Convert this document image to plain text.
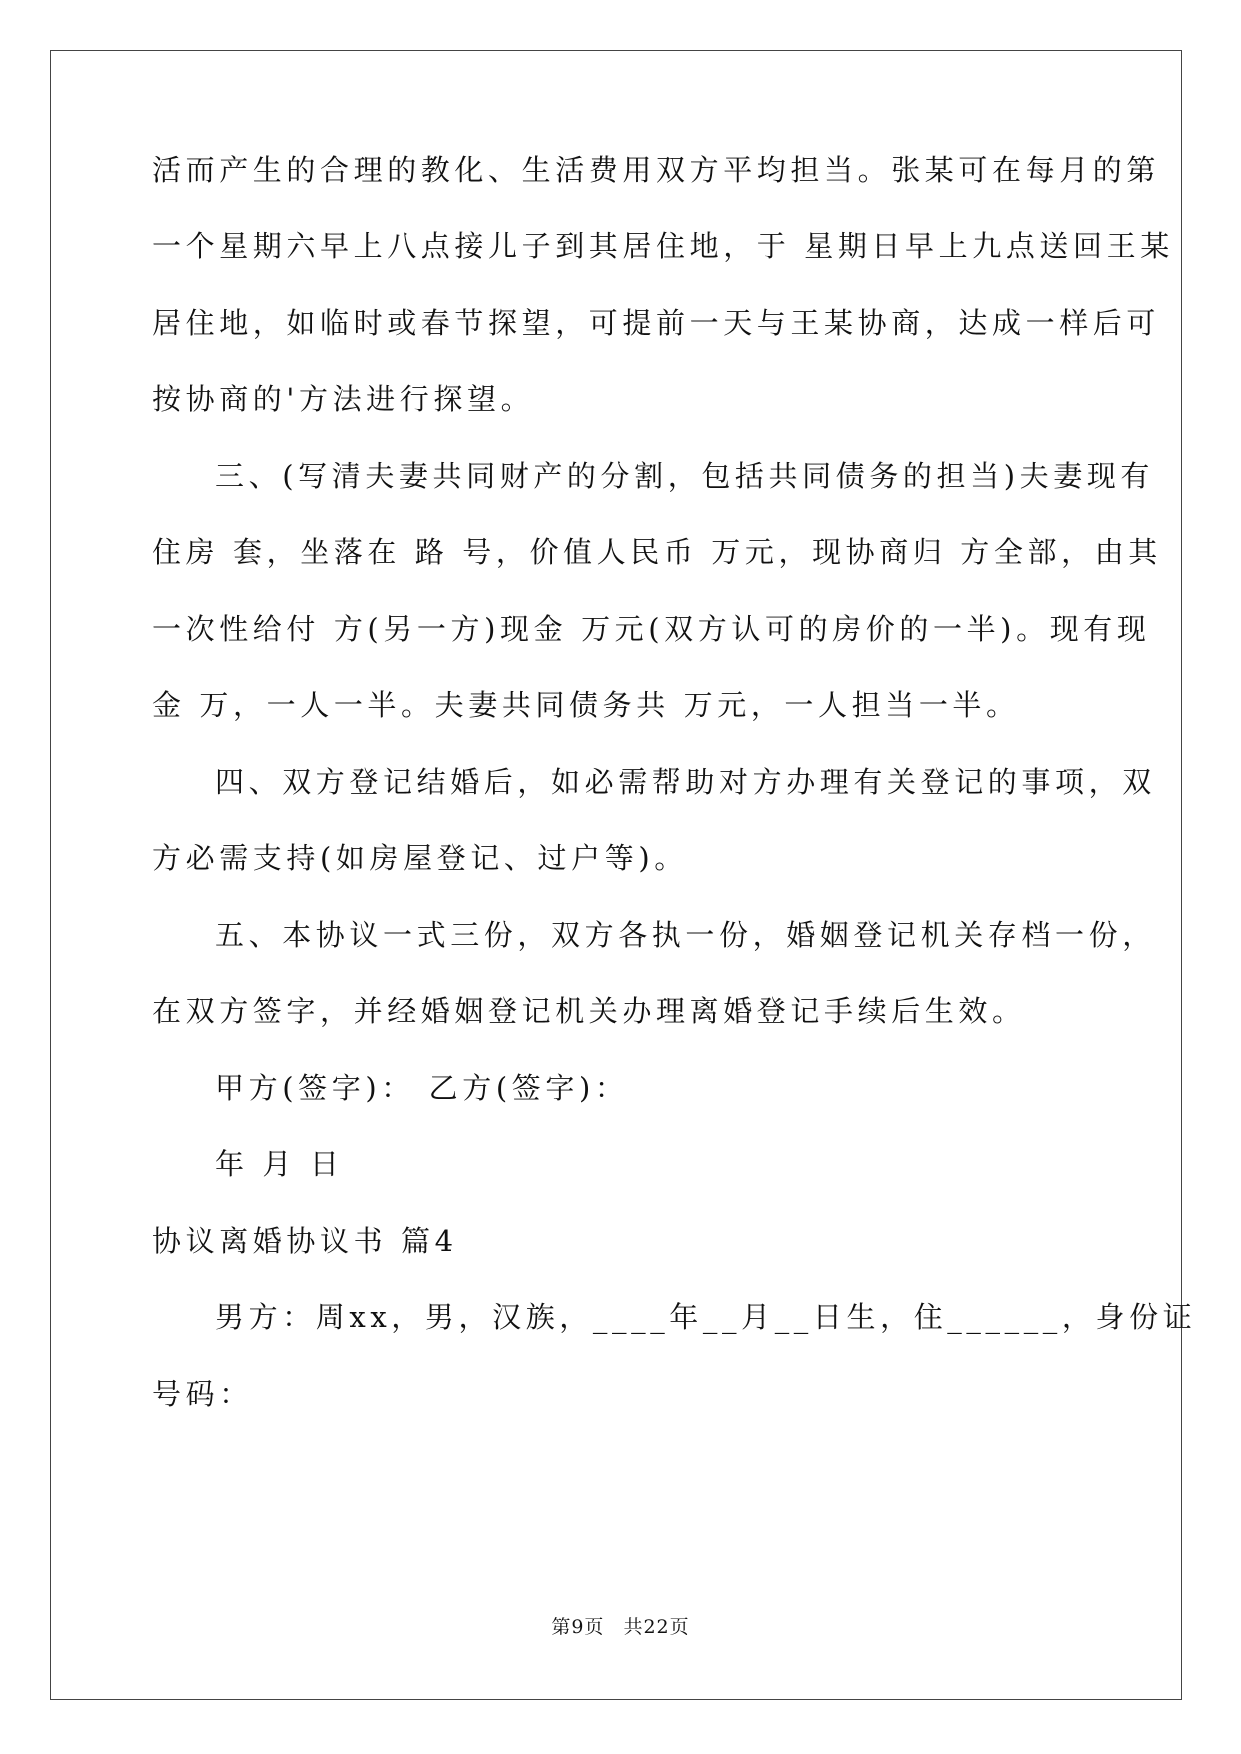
活而产生的合理的教化、生活费用双方平均担当。张某可在每月的第
一个星期六早上八点接儿子到其居住地，于 星期日早上九点送回王某
居住地，如临时或春节探望，可提前一天与王某协商，达成一样后可
按协商的'方法进行探望。
三、(写清夫妻共同财产的分割，包括共同债务的担当)夫妻现有
住房 套，坐落在 路 号，价值人民币 万元，现协商归 方全部，由其
一次性给付 方(另一方)现金 万元(双方认可的房价的一半)。现有现
金 万，一人一半。夫妻共同债务共 万元，一人担当一半。
四、双方登记结婚后，如必需帮助对方办理有关登记的事项，双
方必需支持(如房屋登记、过户等)。
五、本协议一式三份，双方各执一份，婚姻登记机关存档一份，
在双方签字，并经婚姻登记机关办理离婚登记手续后生效。
甲方(签字)： 乙方(签字)：
年 月 日
协议离婚协议书 篇4
男方：周xx，男，汉族，____年__月__日生，住______，身份证
号码：
第9页 共22页
